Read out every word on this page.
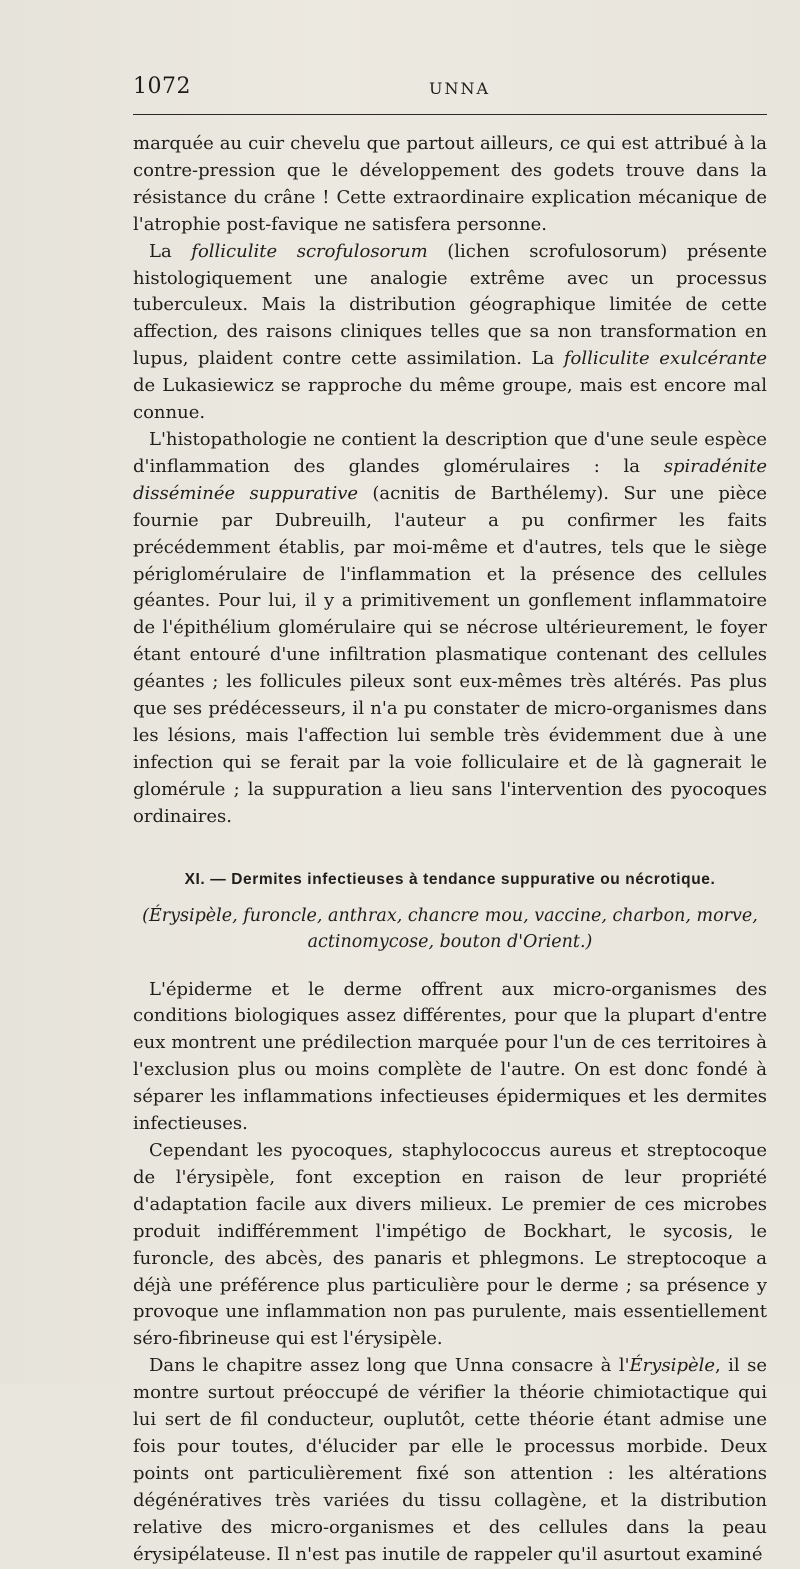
1072	UNNA

marquée au cuir chevelu que partout ailleurs, ce qui est attribué à la contre-pression que le développement des godets trouve dans la résistance du crâne ! Cette extraordinaire explication mécanique de l'atrophie post-favique ne satisfera personne.

La folliculite scrofulosorum (lichen scrofulosorum) présente histologiquement une analogie extrême avec un processus tuberculeux. Mais la distribution géographique limitée de cette affection, des raisons cliniques telles que sa non transformation en lupus, plaident contre cette assimilation. La folliculite exulcérante de Lukasiewicz se rapproche du même groupe, mais est encore mal connue.

L'histopathologie ne contient la description que d'une seule espèce d'inflammation des glandes glomérulaires : la spiradénite disséminée suppurative (acnitis de Barthélemy). Sur une pièce fournie par Dubreuilh, l'auteur a pu confirmer les faits précédemment établis, par moi-même et d'autres, tels que le siège périglomérulaire de l'inflammation et la présence des cellules géantes. Pour lui, il y a primitivement un gonflement inflammatoire de l'épithélium glomérulaire qui se nécrose ultérieurement, le foyer étant entouré d'une infiltration plasmatique contenant des cellules géantes ; les follicules pileux sont eux-mêmes très altérés. Pas plus que ses prédécesseurs, il n'a pu constater de micro-organismes dans les lésions, mais l'affection lui semble très évidemment due à une infection qui se ferait par la voie folliculaire et de là gagnerait le glomérule ; la suppuration a lieu sans l'intervention des pyocoques ordinaires.

XI. — Dermites infectieuses à tendance suppurative ou nécrotique.

(Érysipèle, furoncle, anthrax, chancre mou, vaccine, charbon, morve, actinomycose, bouton d'Orient.)

L'épiderme et le derme offrent aux micro-organismes des conditions biologiques assez différentes, pour que la plupart d'entre eux montrent une prédilection marquée pour l'un de ces territoires à l'exclusion plus ou moins complète de l'autre. On est donc fondé à séparer les inflammations infectieuses épidermiques et les dermites infectieuses.

Cependant les pyocoques, staphylococcus aureus et streptocoque de l'érysipèle, font exception en raison de leur propriété d'adaptation facile aux divers milieux. Le premier de ces microbes produit indifféremment l'impétigo de Bockhart, le sycosis, le furoncle, des abcès, des panaris et phlegmons. Le streptocoque a déjà une préférence plus particulière pour le derme ; sa présence y provoque une inflammation non pas purulente, mais essentiellement séro-fibrineuse qui est l'érysipèle.

Dans le chapitre assez long que Unna consacre à l'Érysipèle, il se montre surtout préoccupé de vérifier la théorie chimiotactique qui lui sert de fil conducteur, ouplutôt, cette théorie étant admise une fois pour toutes, d'élucider par elle le processus morbide. Deux points ont particulièrement fixé son attention : les altérations dégénératives très variées du tissu collagène, et la distribution relative des micro-organismes et des cellules dans la peau érysipélateuse. Il n'est pas inutile de rappeler qu'il asurtout examiné
